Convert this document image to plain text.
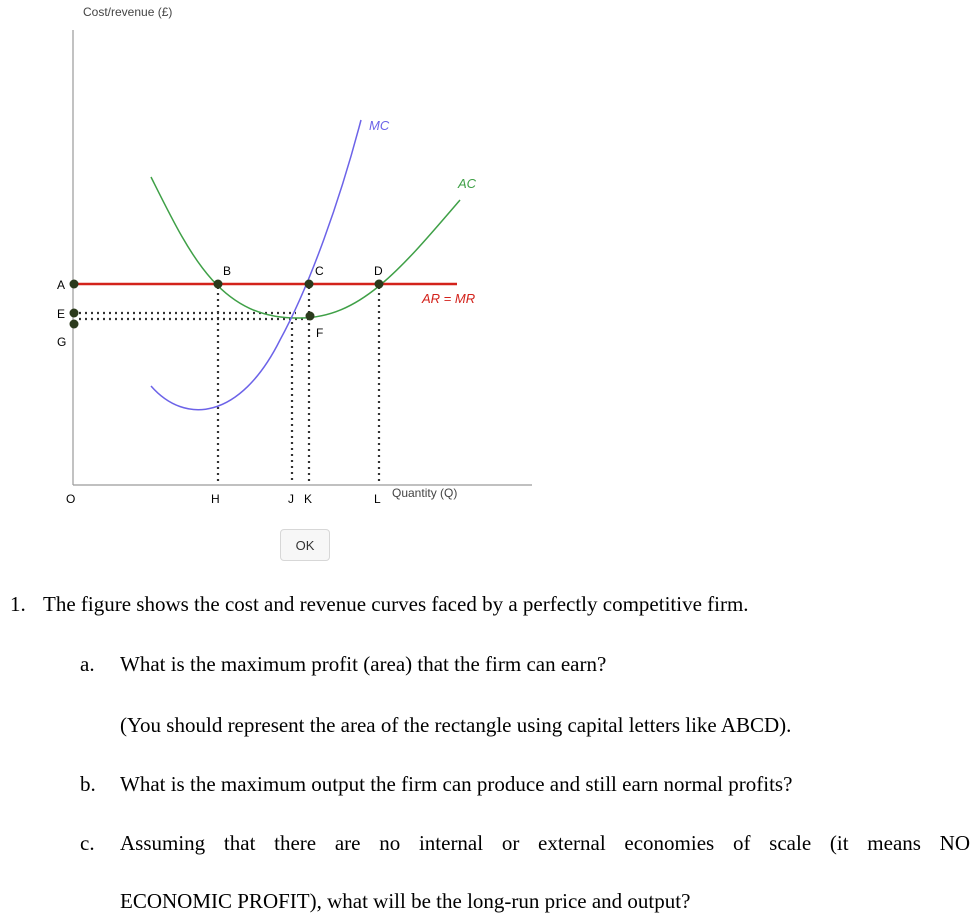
Cost/revenue (£)
Quantity (Q)
MC
AC
AR = MR
A
E
G
B	C	D
F
O	H	J K	L
OK
1. The figure shows the cost and revenue curves faced by a perfectly competitive firm.
a. What is the maximum profit (area) that the firm can earn?
(You should represent the area of the rectangle using capital letters like ABCD).
b. What is the maximum output the firm can produce and still earn normal profits?
c. Assuming that there are no internal or external economies of scale (it means NO
ECONOMIC PROFIT), what will be the long-run price and output?
